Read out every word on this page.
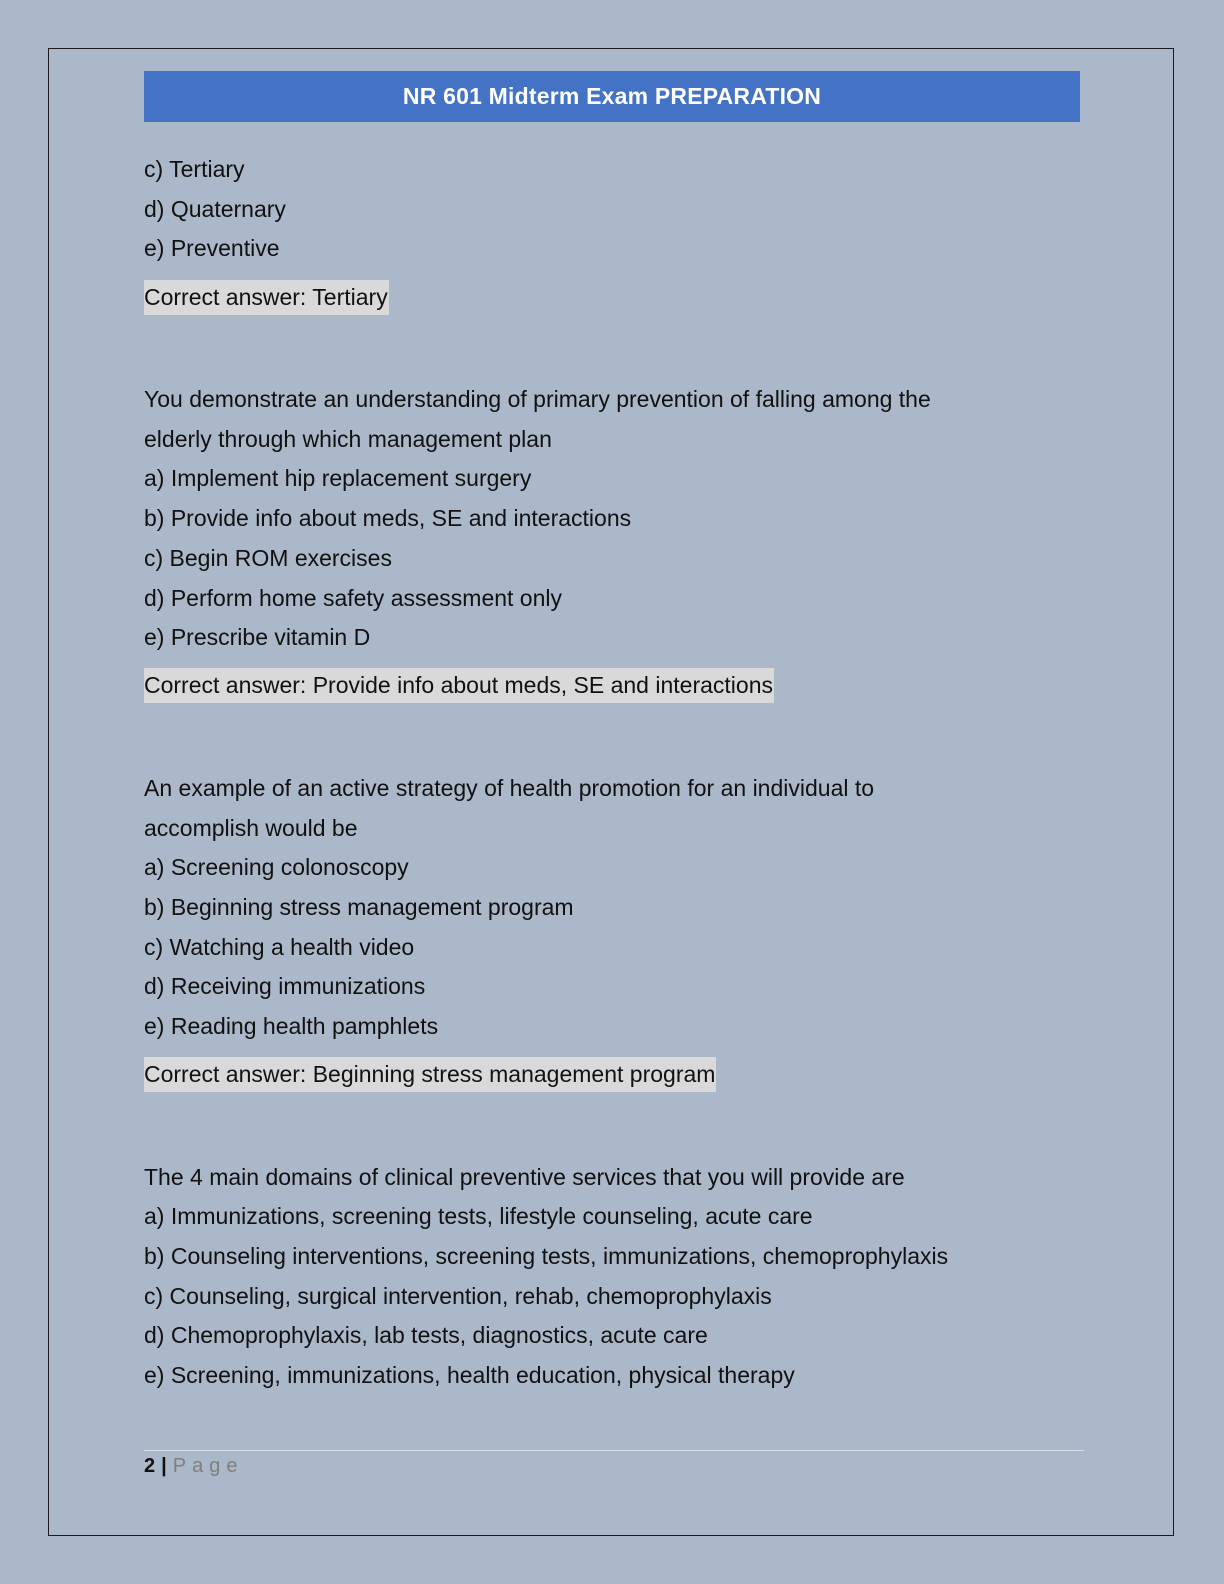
NR 601 Midterm Exam PREPARATION
c) Tertiary
d) Quaternary
e) Preventive
Correct answer: Tertiary
You demonstrate an understanding of primary prevention of falling among the
elderly through which management plan
a) Implement hip replacement surgery
b) Provide info about meds, SE and interactions
c) Begin ROM exercises
d) Perform home safety assessment only
e) Prescribe vitamin D
Correct answer: Provide info about meds, SE and interactions
An example of an active strategy of health promotion for an individual to
accomplish would be
a) Screening colonoscopy
b) Beginning stress management program
c) Watching a health video
d) Receiving immunizations
e) Reading health pamphlets
Correct answer: Beginning stress management program
The 4 main domains of clinical preventive services that you will provide are
a) Immunizations, screening tests, lifestyle counseling, acute care
b) Counseling interventions, screening tests, immunizations, chemoprophylaxis
c) Counseling, surgical intervention, rehab, chemoprophylaxis
d) Chemoprophylaxis, lab tests, diagnostics, acute care
e) Screening, immunizations, health education, physical therapy
2 | Page
